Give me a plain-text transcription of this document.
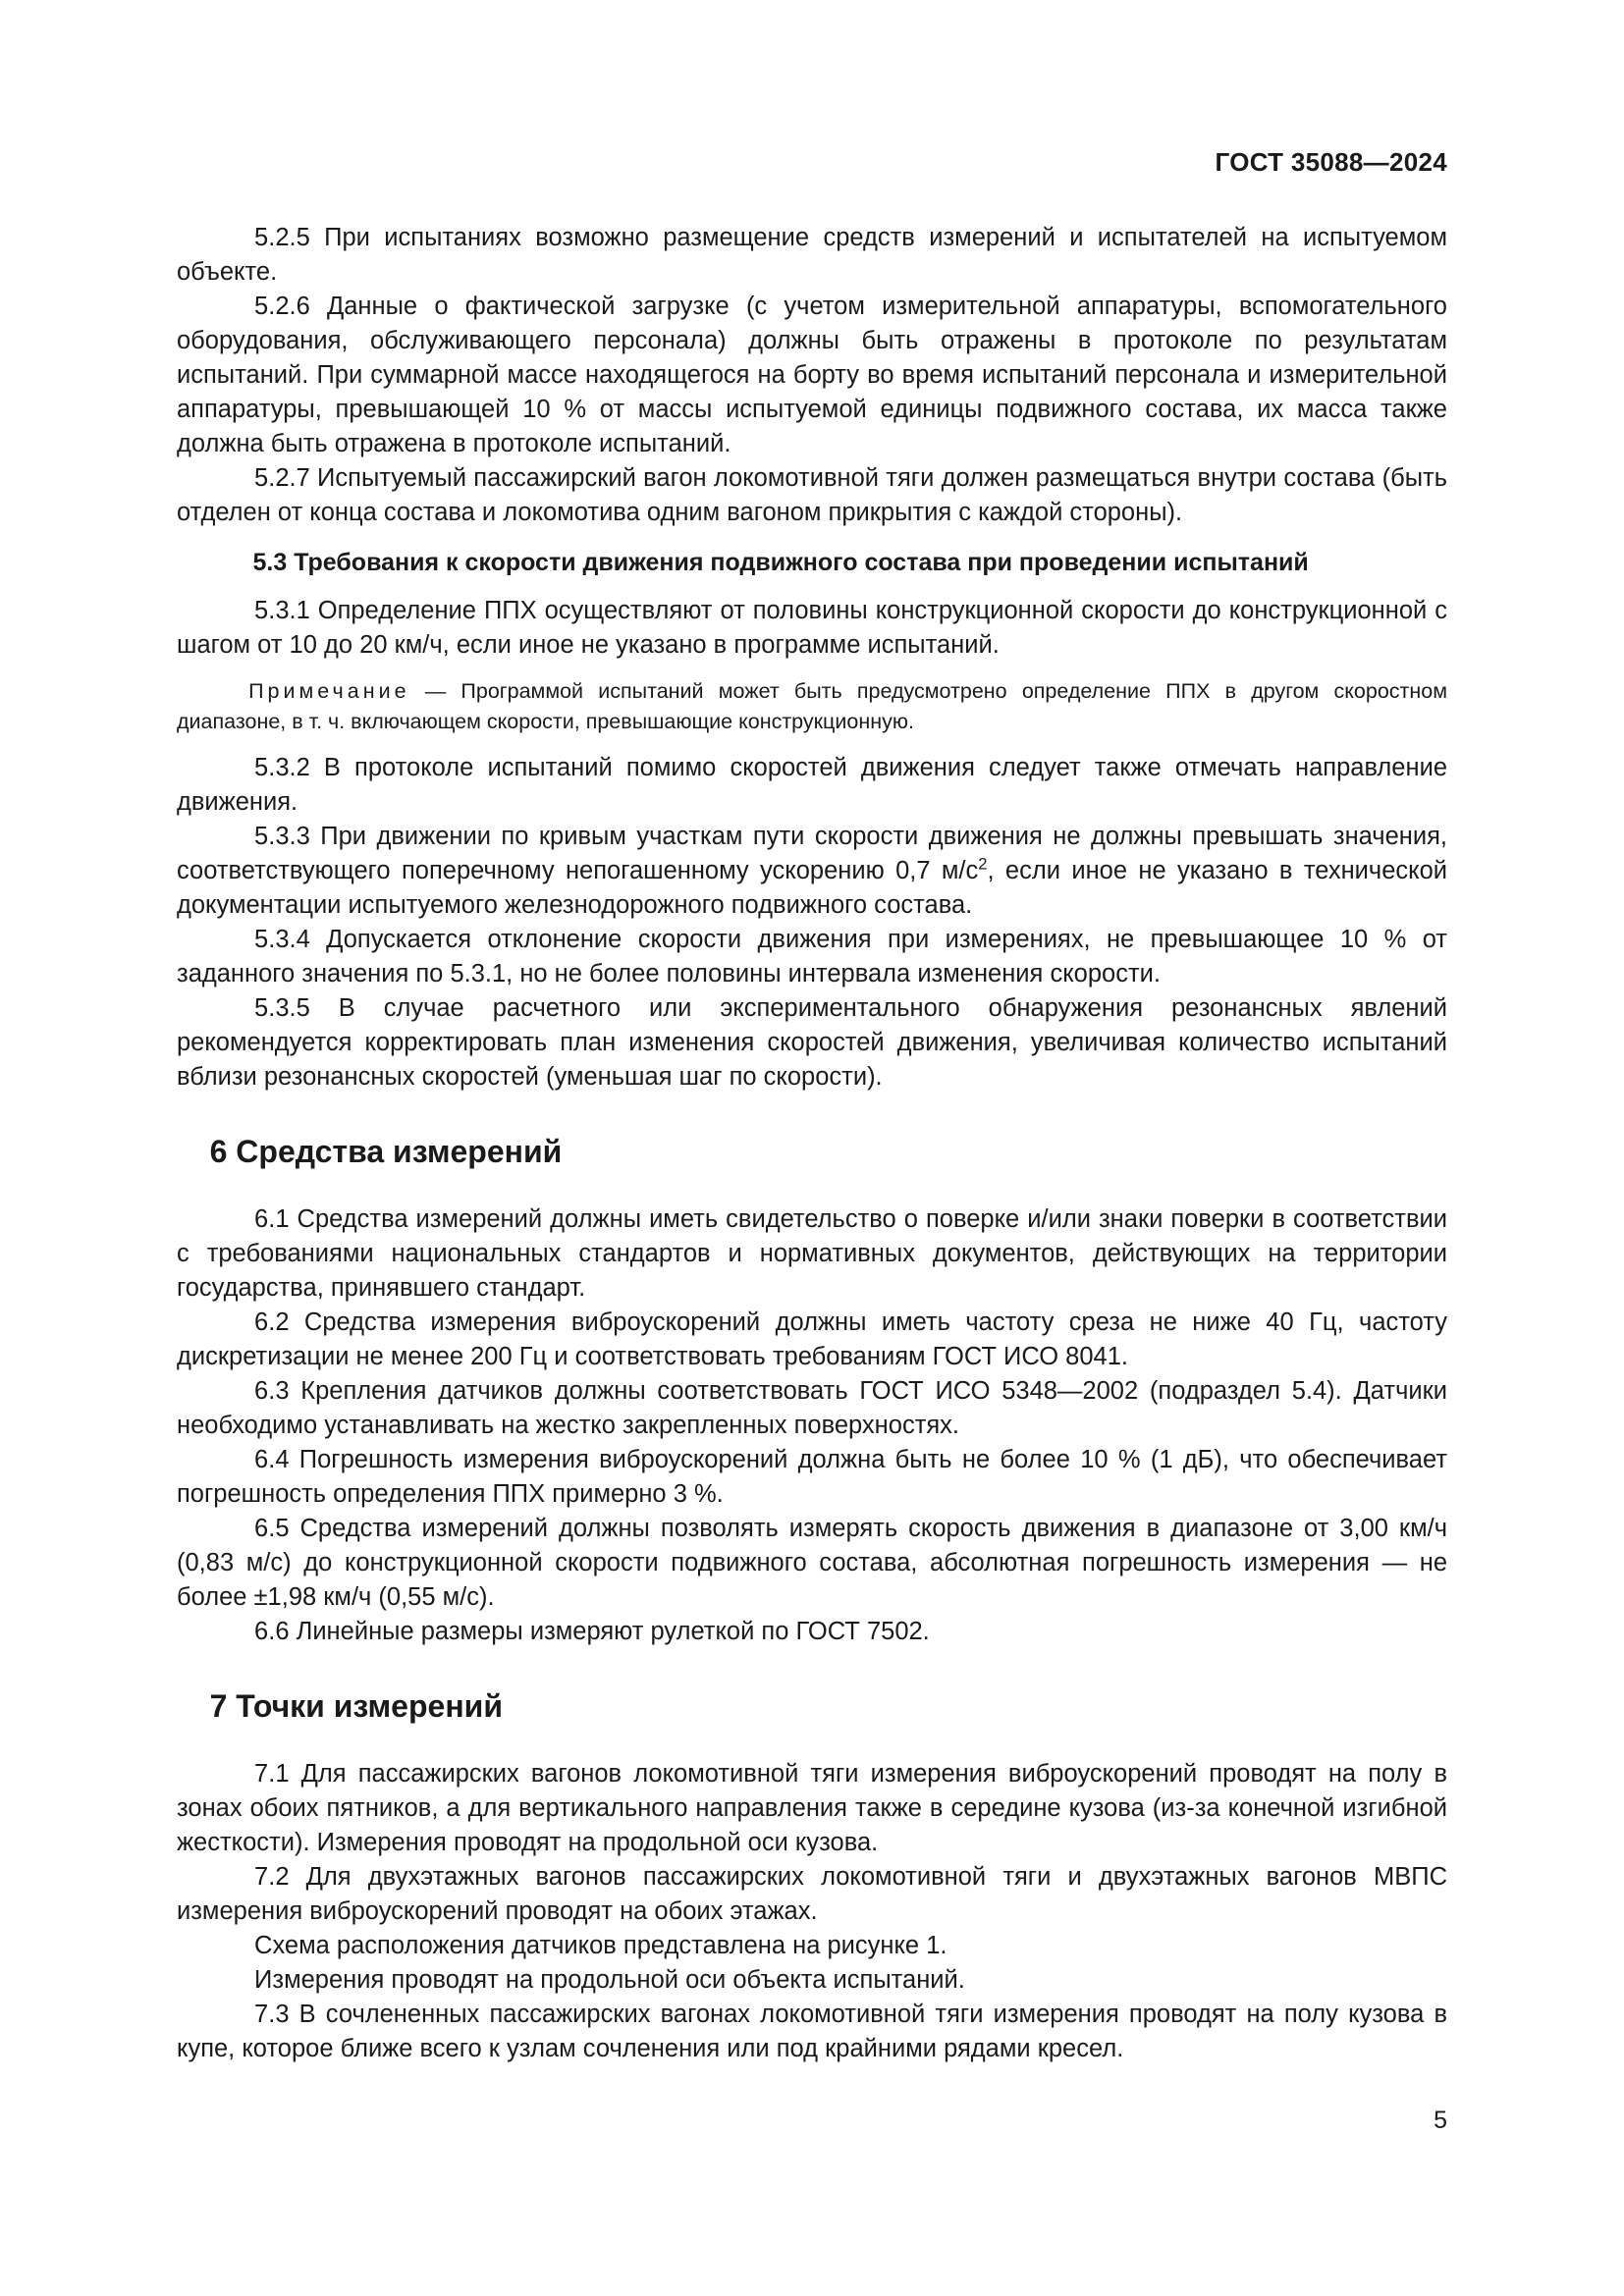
ГОСТ 35088—2024

5.2.5 При испытаниях возможно размещение средств измерений и испытателей на испытуемом объекте.

5.2.6 Данные о фактической загрузке (с учетом измерительной аппаратуры, вспомогательного оборудования, обслуживающего персонала) должны быть отражены в протоколе по результатам испытаний. При суммарной массе находящегося на борту во время испытаний персонала и измерительной аппаратуры, превышающей 10 % от массы испытуемой единицы подвижного состава, их масса также должна быть отражена в протоколе испытаний.

5.2.7 Испытуемый пассажирский вагон локомотивной тяги должен размещаться внутри состава (быть отделен от конца состава и локомотива одним вагоном прикрытия с каждой стороны).

5.3 Требования к скорости движения подвижного состава при проведении испытаний

5.3.1 Определение ППХ осуществляют от половины конструкционной скорости до конструкционной с шагом от 10 до 20 км/ч, если иное не указано в программе испытаний.

Примечание — Программой испытаний может быть предусмотрено определение ППХ в другом скоростном диапазоне, в т. ч. включающем скорости, превышающие конструкционную.

5.3.2 В протоколе испытаний помимо скоростей движения следует также отмечать направление движения.

5.3.3 При движении по кривым участкам пути скорости движения не должны превышать значения, соответствующего поперечному непогашенному ускорению 0,7 $м/с^2$, если иное не указано в технической документации испытуемого железнодорожного подвижного состава.

5.3.4 Допускается отклонение скорости движения при измерениях, не превышающее 10 % от заданного значения по 5.3.1, но не более половины интервала изменения скорости.

5.3.5 В случае расчетного или экспериментального обнаружения резонансных явлений рекомендуется корректировать план изменения скоростей движения, увеличивая количество испытаний вблизи резонансных скоростей (уменьшая шаг по скорости).

6 Средства измерений

6.1 Средства измерений должны иметь свидетельство о поверке и/или знаки поверки в соответствии с требованиями национальных стандартов и нормативных документов, действующих на территории государства, принявшего стандарт.

6.2 Средства измерения виброускорений должны иметь частоту среза не ниже 40 Гц, частоту дискретизации не менее 200 Гц и соответствовать требованиям ГОСТ ИСО 8041.

6.3 Крепления датчиков должны соответствовать ГОСТ ИСО 5348—2002 (подраздел 5.4). Датчики необходимо устанавливать на жестко закрепленных поверхностях.

6.4 Погрешность измерения виброускорений должна быть не более 10 % (1 дБ), что обеспечивает погрешность определения ППХ примерно 3 %.

6.5 Средства измерений должны позволять измерять скорость движения в диапазоне от 3,00 км/ч (0,83 м/с) до конструкционной скорости подвижного состава, абсолютная погрешность измерения — не более ±1,98 км/ч (0,55 м/с).

6.6 Линейные размеры измеряют рулеткой по ГОСТ 7502.

7 Точки измерений

7.1 Для пассажирских вагонов локомотивной тяги измерения виброускорений проводят на полу в зонах обоих пятников, а для вертикального направления также в середине кузова (из-за конечной изгибной жесткости). Измерения проводят на продольной оси кузова.

7.2 Для двухэтажных вагонов пассажирских локомотивной тяги и двухэтажных вагонов МВПС измерения виброускорений проводят на обоих этажах.

Схема расположения датчиков представлена на рисунке 1.

Измерения проводят на продольной оси объекта испытаний.

7.3 В сочлененных пассажирских вагонах локомотивной тяги измерения проводят на полу кузова в купе, которое ближе всего к узлам сочленения или под крайними рядами кресел.

5
